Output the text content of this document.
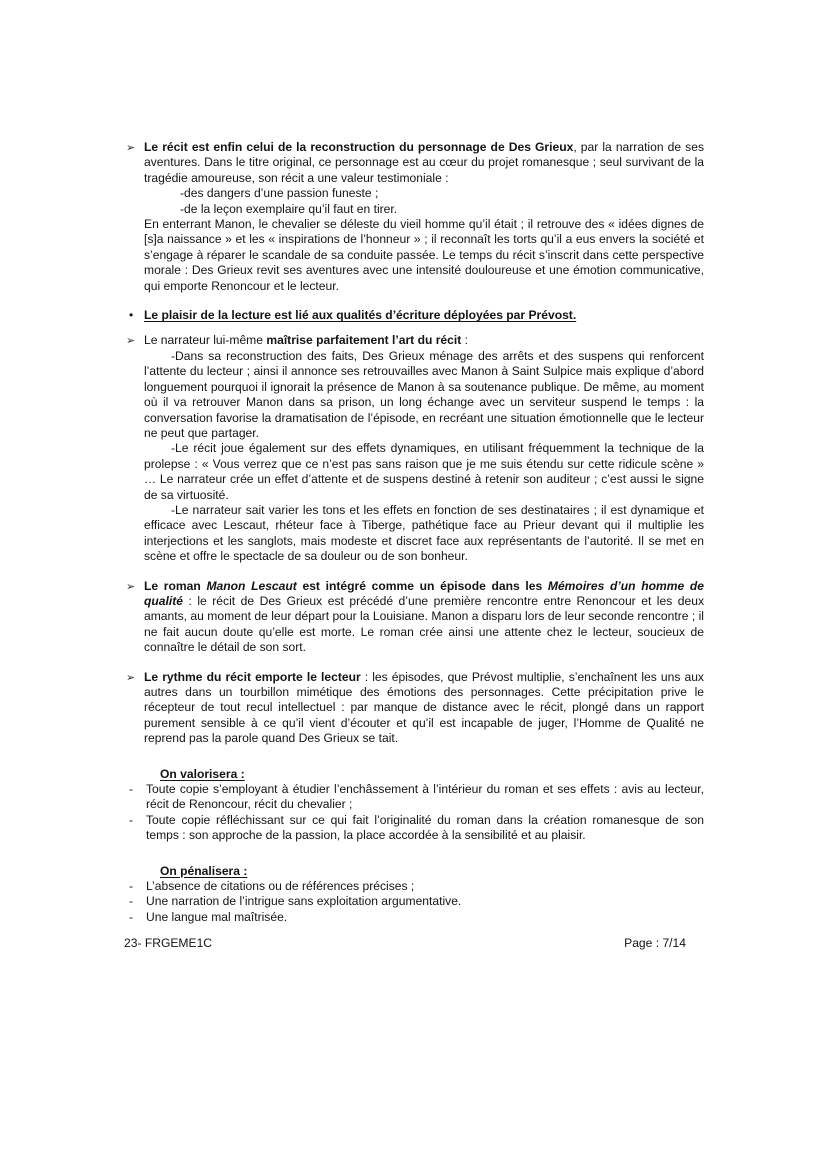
➢ Le récit est enfin celui de la reconstruction du personnage de Des Grieux, par la narration de ses aventures. Dans le titre original, ce personnage est au cœur du projet romanesque ; seul survivant de la tragédie amoureuse, son récit a une valeur testimoniale :

-des dangers d’une passion funeste ;

-de la leçon exemplaire qu’il faut en tirer.

En enterrant Manon, le chevalier se déleste du vieil homme qu’il était ; il retrouve des « idées dignes de [s]a naissance » et les « inspirations de l’honneur » ; il reconnaît les torts qu’il a eus envers la société et s’engage à réparer le scandale de sa conduite passée. Le temps du récit s’inscrit dans cette perspective morale : Des Grieux revit ses aventures avec une intensité douloureuse et une émotion communicative, qui emporte Renoncour et le lecteur.

• Le plaisir de la lecture est lié aux qualités d’écriture déployées par Prévost.

➢ Le narrateur lui-même maîtrise parfaitement l’art du récit :

-Dans sa reconstruction des faits, Des Grieux ménage des arrêts et des suspens qui renforcent l’attente du lecteur ; ainsi il annonce ses retrouvailles avec Manon à Saint Sulpice mais explique d’abord longuement pourquoi il ignorait la présence de Manon à sa soutenance publique. De même, au moment où il va retrouver Manon dans sa prison, un long échange avec un serviteur suspend le temps : la conversation favorise la dramatisation de l’épisode, en recréant une situation émotionnelle que le lecteur ne peut que partager.

-Le récit joue également sur des effets dynamiques, en utilisant fréquemment la technique de la prolepse : « Vous verrez que ce n’est pas sans raison que je me suis étendu sur cette ridicule scène » … Le narrateur crée un effet d’attente et de suspens destiné à retenir son auditeur ; c’est aussi le signe de sa virtuosité.

-Le narrateur sait varier les tons et les effets en fonction de ses destinataires ; il est dynamique et efficace avec Lescaut, rhéteur face à Tiberge, pathétique face au Prieur devant qui il multiplie les interjections et les sanglots, mais modeste et discret face aux représentants de l’autorité. Il se met en scène et offre le spectacle de sa douleur ou de son bonheur.

➢ Le roman Manon Lescaut est intégré comme un épisode dans les Mémoires d’un homme de qualité : le récit de Des Grieux est précédé d’une première rencontre entre Renoncour et les deux amants, au moment de leur départ pour la Louisiane. Manon a disparu lors de leur seconde rencontre ; il ne fait aucun doute qu’elle est morte. Le roman crée ainsi une attente chez le lecteur, soucieux de connaître le détail de son sort.

➢ Le rythme du récit emporte le lecteur : les épisodes, que Prévost multiplie, s’enchaînent les uns aux autres dans un tourbillon mimétique des émotions des personnages. Cette précipitation prive le récepteur de tout recul intellectuel : par manque de distance avec le récit, plongé dans un rapport purement sensible à ce qu’il vient d’écouter et qu’il est incapable de juger, l’Homme de Qualité ne reprend pas la parole quand Des Grieux se tait.

On valorisera :

- Toute copie s’employant à étudier l’enchâssement à l’intérieur du roman et ses effets : avis au lecteur, récit de Renoncour, récit du chevalier ;

- Toute copie réfléchissant sur ce qui fait l’originalité du roman dans la création romanesque de son temps : son approche de la passion, la place accordée à la sensibilité et au plaisir.

On pénalisera :

- L’absence de citations ou de références précises ;

- Une narration de l’intrigue sans exploitation argumentative.

- Une langue mal maîtrisée.

23- FRGEME1C	Page : 7/14
